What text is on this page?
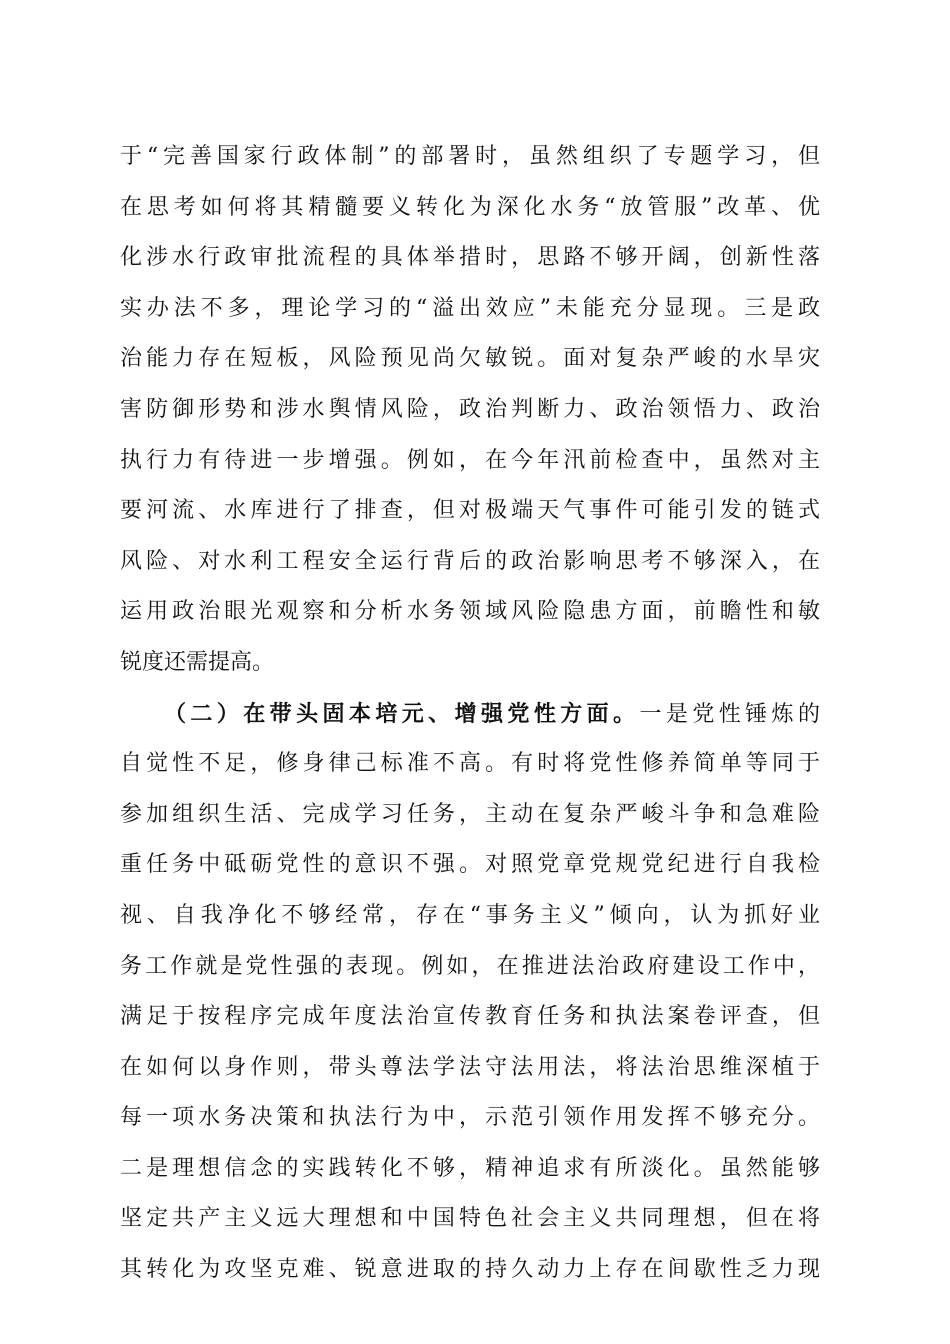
于“完善国家行政体制”的部署时，虽然组织了专题学习，但
在思考如何将其精髓要义转化为深化水务“放管服”改革、优
化涉水行政审批流程的具体举措时，思路不够开阔，创新性落
实办法不多，理论学习的“溢出效应”未能充分显现。三是政
治能力存在短板，风险预见尚欠敏锐。面对复杂严峻的水旱灾
害防御形势和涉水舆情风险，政治判断力、政治领悟力、政治
执行力有待进一步增强。例如，在今年汛前检查中，虽然对主
要河流、水库进行了排查，但对极端天气事件可能引发的链式
风险、对水利工程安全运行背后的政治影响思考不够深入，在
运用政治眼光观察和分析水务领域风险隐患方面，前瞻性和敏
锐度还需提高。
（二）在带头固本培元、增强党性方面。一是党性锤炼的
自觉性不足，修身律己标准不高。有时将党性修养简单等同于
参加组织生活、完成学习任务，主动在复杂严峻斗争和急难险
重任务中砥砺党性的意识不强。对照党章党规党纪进行自我检
视、自我净化不够经常，存在“事务主义”倾向，认为抓好业
务工作就是党性强的表现。例如，在推进法治政府建设工作中，
满足于按程序完成年度法治宣传教育任务和执法案卷评查，但
在如何以身作则，带头尊法学法守法用法，将法治思维深植于
每一项水务决策和执法行为中，示范引领作用发挥不够充分。
二是理想信念的实践转化不够，精神追求有所淡化。虽然能够
坚定共产主义远大理想和中国特色社会主义共同理想，但在将
其转化为攻坚克难、锐意进取的持久动力上存在间歇性乏力现
